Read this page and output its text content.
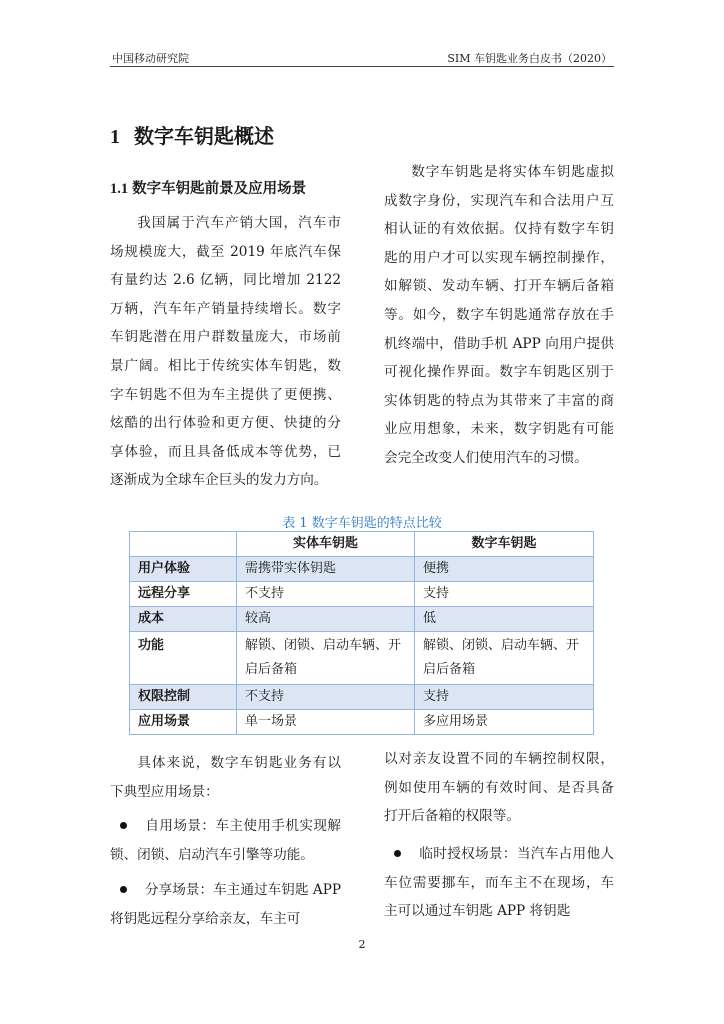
中国移动研究院	SIM 车钥匙业务白皮书（2020）
1 数字车钥匙概述
1.1 数字车钥匙前景及应用场景

我国属于汽车产销大国，汽车市场规模庞大，截至 2019 年底汽车保有量约达 2.6 亿辆，同比增加 2122 万辆，汽车年产销量持续增长。数字车钥匙潜在用户群数量庞大，市场前景广阔。相比于传统实体车钥匙，数字车钥匙不但为车主提供了更便携、炫酷的出行体验和更方便、快捷的分享体验，而且具备低成本等优势，已逐渐成为全球车企巨头的发力方向。

数字车钥匙是将实体车钥匙虚拟成数字身份，实现汽车和合法用户互相认证的有效依据。仅持有数字车钥匙的用户才可以实现车辆控制操作，如解锁、发动车辆、打开车辆后备箱等。如今，数字车钥匙通常存放在手机终端中，借助手机 APP 向用户提供可视化操作界面。数字车钥匙区别于实体钥匙的特点为其带来了丰富的商业应用想象，未来，数字钥匙有可能会完全改变人们使用汽车的习惯。

表 1 数字车钥匙的特点比较
	实体车钥匙	数字车钥匙
用户体验	需携带实体钥匙	便携
远程分享	不支持	支持
成本	较高	低
功能	解锁、闭锁、启动车辆、开启后备箱	解锁、闭锁、启动车辆、开启后备箱
权限控制	不支持	支持
应用场景	单一场景	多应用场景

具体来说，数字车钥匙业务有以下典型应用场景：

自用场景：车主使用手机实现解锁、闭锁、启动汽车引擎等功能。

分享场景：车主通过车钥匙 APP 将钥匙远程分享给亲友，车主可

以对亲友设置不同的车辆控制权限，例如使用车辆的有效时间、是否具备打开后备箱的权限等。

临时授权场景：当汽车占用他人车位需要挪车，而车主不在现场，车主可以通过车钥匙 APP 将钥匙

2
